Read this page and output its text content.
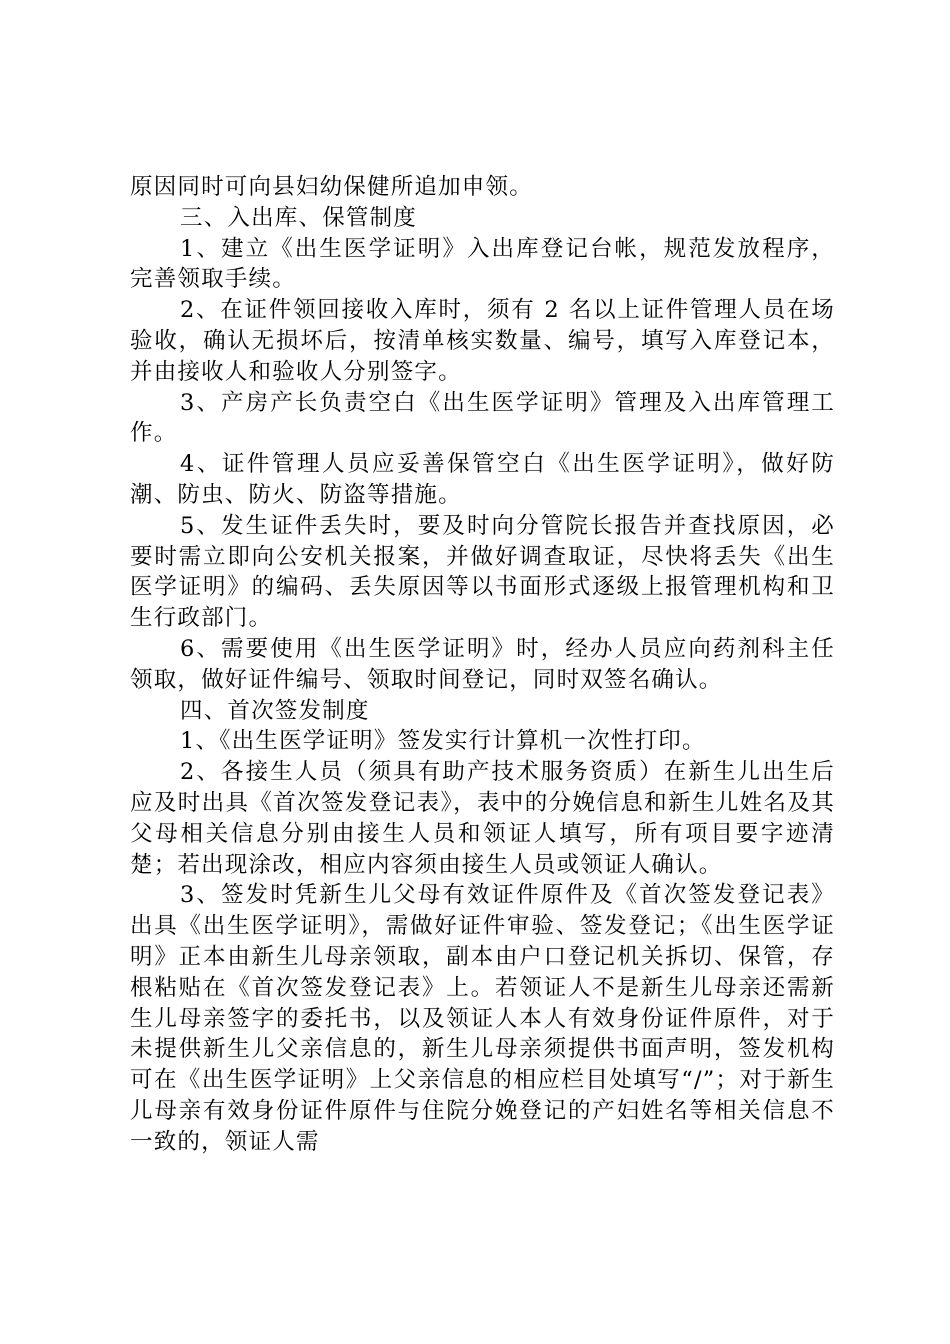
原因同时可向县妇幼保健所追加申领。

三、入出库、保管制度

1、建立《出生医学证明》入出库登记台帐，规范发放程序，完善领取手续。

2、在证件领回接收入库时，须有 2 名以上证件管理人员在场验收，确认无损坏后，按清单核实数量、编号，填写入库登记本，并由接收人和验收人分别签字。

3、产房产长负责空白《出生医学证明》管理及入出库管理工作。

4、证件管理人员应妥善保管空白《出生医学证明》，做好防潮、防虫、防火、防盗等措施。

5、发生证件丢失时，要及时向分管院长报告并查找原因，必要时需立即向公安机关报案，并做好调查取证，尽快将丢失《出生医学证明》的编码、丢失原因等以书面形式逐级上报管理机构和卫生行政部门。

6、需要使用《出生医学证明》时，经办人员应向药剂科主任领取，做好证件编号、领取时间登记，同时双签名确认。

四、首次签发制度

1、《出生医学证明》签发实行计算机一次性打印。

2、各接生人员（须具有助产技术服务资质）在新生儿出生后应及时出具《首次签发登记表》，表中的分娩信息和新生儿姓名及其父母相关信息分别由接生人员和领证人填写，所有项目要字迹清楚；若出现涂改，相应内容须由接生人员或领证人确认。

3、签发时凭新生儿父母有效证件原件及《首次签发登记表》出具《出生医学证明》，需做好证件审验、签发登记；《出生医学证明》正本由新生儿母亲领取，副本由户口登记机关拆切、保管，存根粘贴在《首次签发登记表》上。若领证人不是新生儿母亲还需新生儿母亲签字的委托书，以及领证人本人有效身份证件原件，对于未提供新生儿父亲信息的，新生儿母亲须提供书面声明，签发机构可在《出生医学证明》上父亲信息的相应栏目处填写“/”；对于新生儿母亲有效身份证件原件与住院分娩登记的产妇姓名等相关信息不一致的，领证人需
